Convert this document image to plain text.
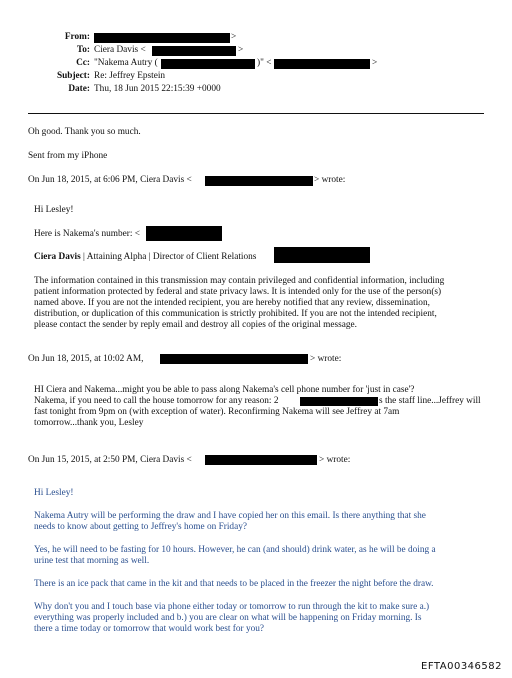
From:	>
To: Ciera Davis <	>
Cc: "Nakema Autry (	)" <	>
Subject: Re: Jeffrey Epstein
Date: Thu, 18 Jun 2015 22:15:39 +0000
Oh good. Thank you so much.
Sent from my iPhone
On Jun 18, 2015, at 6:06 PM, Ciera Davis <	> wrote:
Hi Lesley!
Here is Nakema's number: <
Ciera Davis | Attaining Alpha | Director of Client Relations
The information contained in this transmission may contain privileged and confidential information, including
patient information protected by federal and state privacy laws. It is intended only for the use of the person(s)
named above. If you are not the intended recipient, you are hereby notified that any review, dissemination,
distribution, or duplication of this communication is strictly prohibited. If you are not the intended recipient,
please contact the sender by reply email and destroy all copies of the original message.
On Jun 18, 2015, at 10:02 AM,	> wrote:
HI Ciera and Nakema...might you be able to pass along Nakema's cell phone number for 'just in case'?
Nakema, if you need to call the house tomorrow for any reason: 2	s the staff line...Jeffrey will
fast tonight from 9pm on (with exception of water). Reconfirming Nakema will see Jeffrey at 7am
tomorrow...thank you, Lesley
On Jun 15, 2015, at 2:50 PM, Ciera Davis <	> wrote:
Hi Lesley!
Nakema Autry will be performing the draw and I have copied her on this email. Is there anything that she
needs to know about getting to Jeffrey's home on Friday?
Yes, he will need to be fasting for 10 hours. However, he can (and should) drink water, as he will be doing a
urine test that morning as well.
There is an ice pack that came in the kit and that needs to be placed in the freezer the night before the draw.
Why don't you and I touch base via phone either today or tomorrow to run through the kit to make sure a.)
everything was properly included and b.) you are clear on what will be happening on Friday morning. Is
there a time today or tomorrow that would work best for you?
EFTA00346582
